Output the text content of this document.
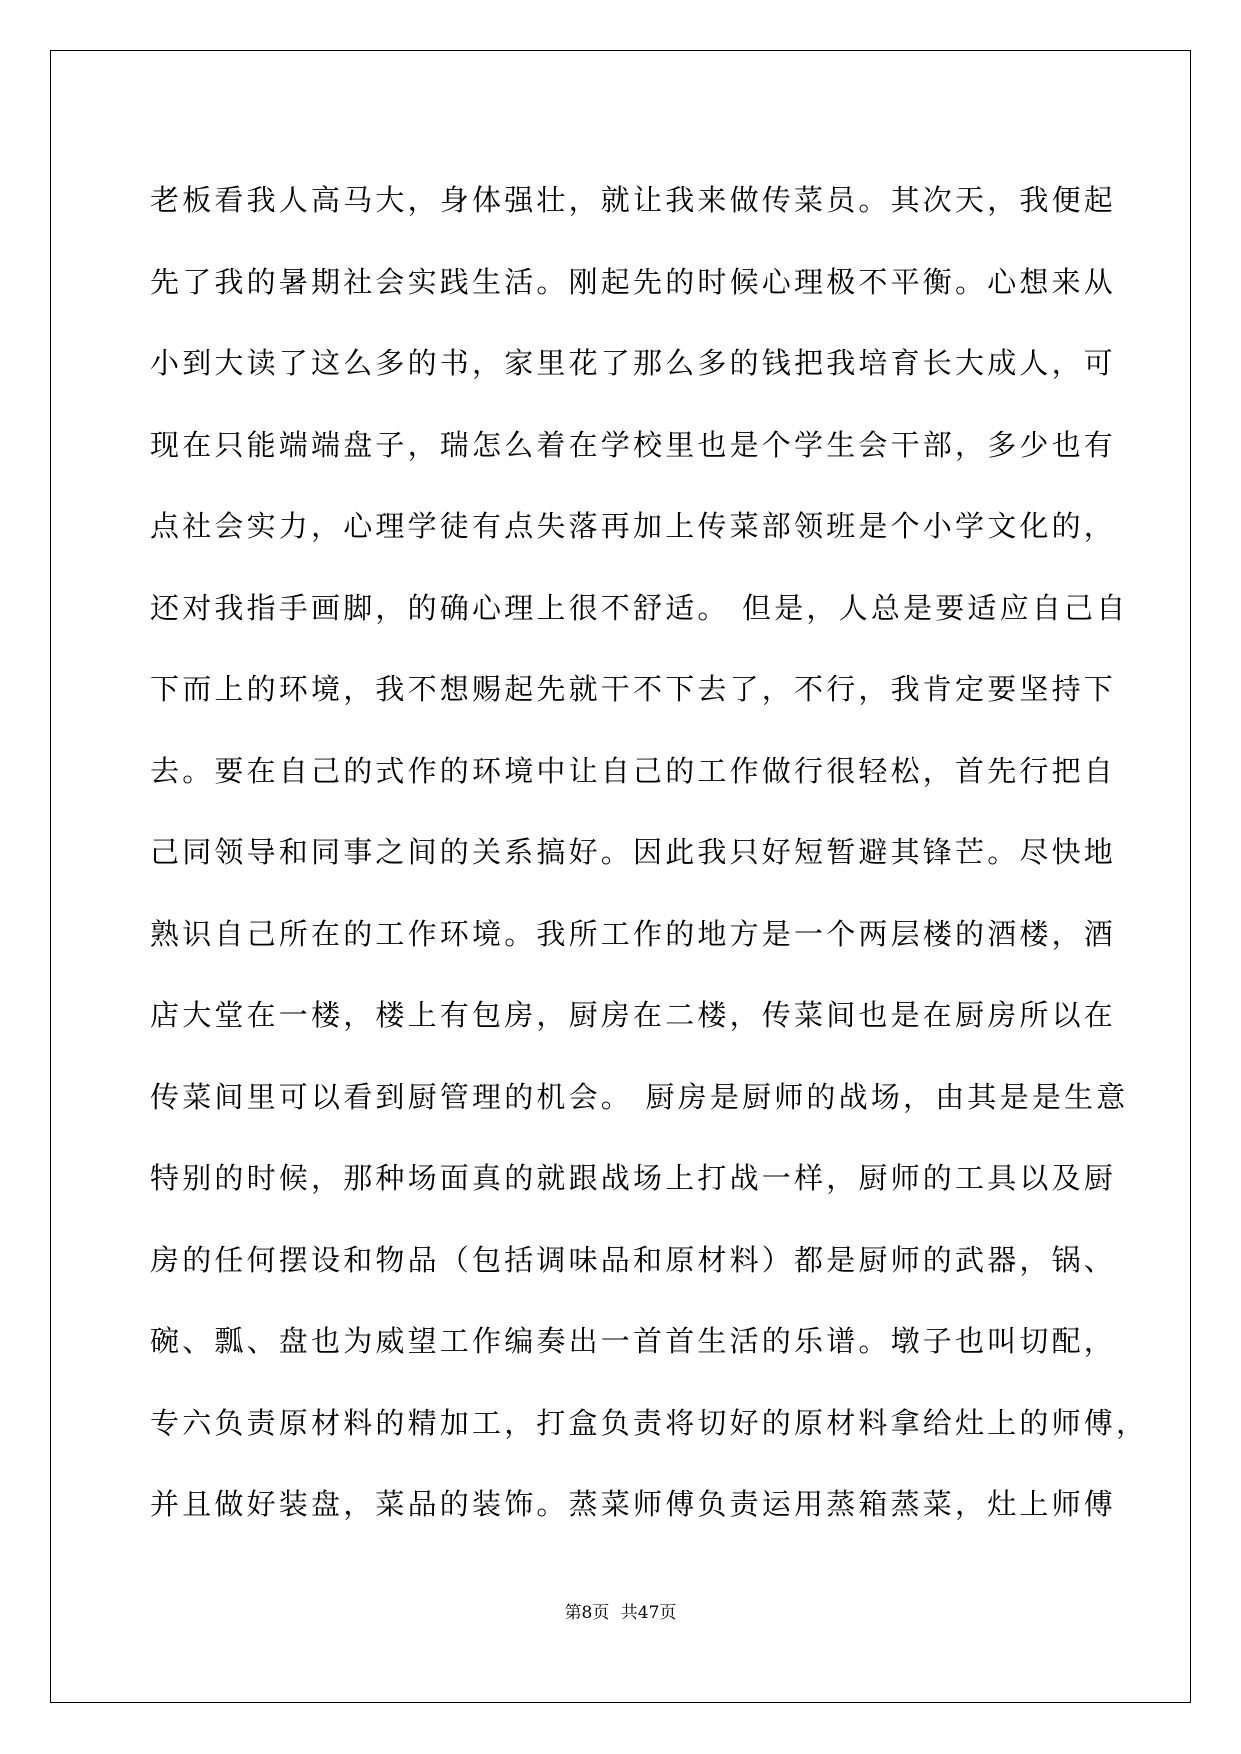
老板看我人高马大，身体强壮，就让我来做传菜员。其次天，我便起
先了我的暑期社会实践生活。刚起先的时候心理极不平衡。心想来从
小到大读了这么多的书，家里花了那么多的钱把我培育长大成人，可
现在只能端端盘子，瑞怎么着在学校里也是个学生会干部，多少也有
点社会实力，心理学徒有点失落再加上传菜部领班是个小学文化的，
还对我指手画脚，的确心理上很不舒适。 但是，人总是要适应自己自
下而上的环境，我不想赐起先就干不下去了，不行，我肯定要坚持下
去。要在自己的式作的环境中让自己的工作做行很轻松，首先行把自
己同领导和同事之间的关系搞好。因此我只好短暂避其锋芒。尽快地
熟识自己所在的工作环境。我所工作的地方是一个两层楼的酒楼，酒
店大堂在一楼，楼上有包房，厨房在二楼，传菜间也是在厨房所以在
传菜间里可以看到厨管理的机会。 厨房是厨师的战场，由其是是生意
特别的时候，那种场面真的就跟战场上打战一样，厨师的工具以及厨
房的任何摆设和物品（包括调味品和原材料）都是厨师的武器，锅、
碗、瓢、盘也为威望工作编奏出一首首生活的乐谱。墩子也叫切配，
专六负责原材料的精加工，打盒负责将切好的原材料拿给灶上的师傅，
并且做好装盘，菜品的装饰。蒸菜师傅负责运用蒸箱蒸菜，灶上师傅
第8页 共47页
